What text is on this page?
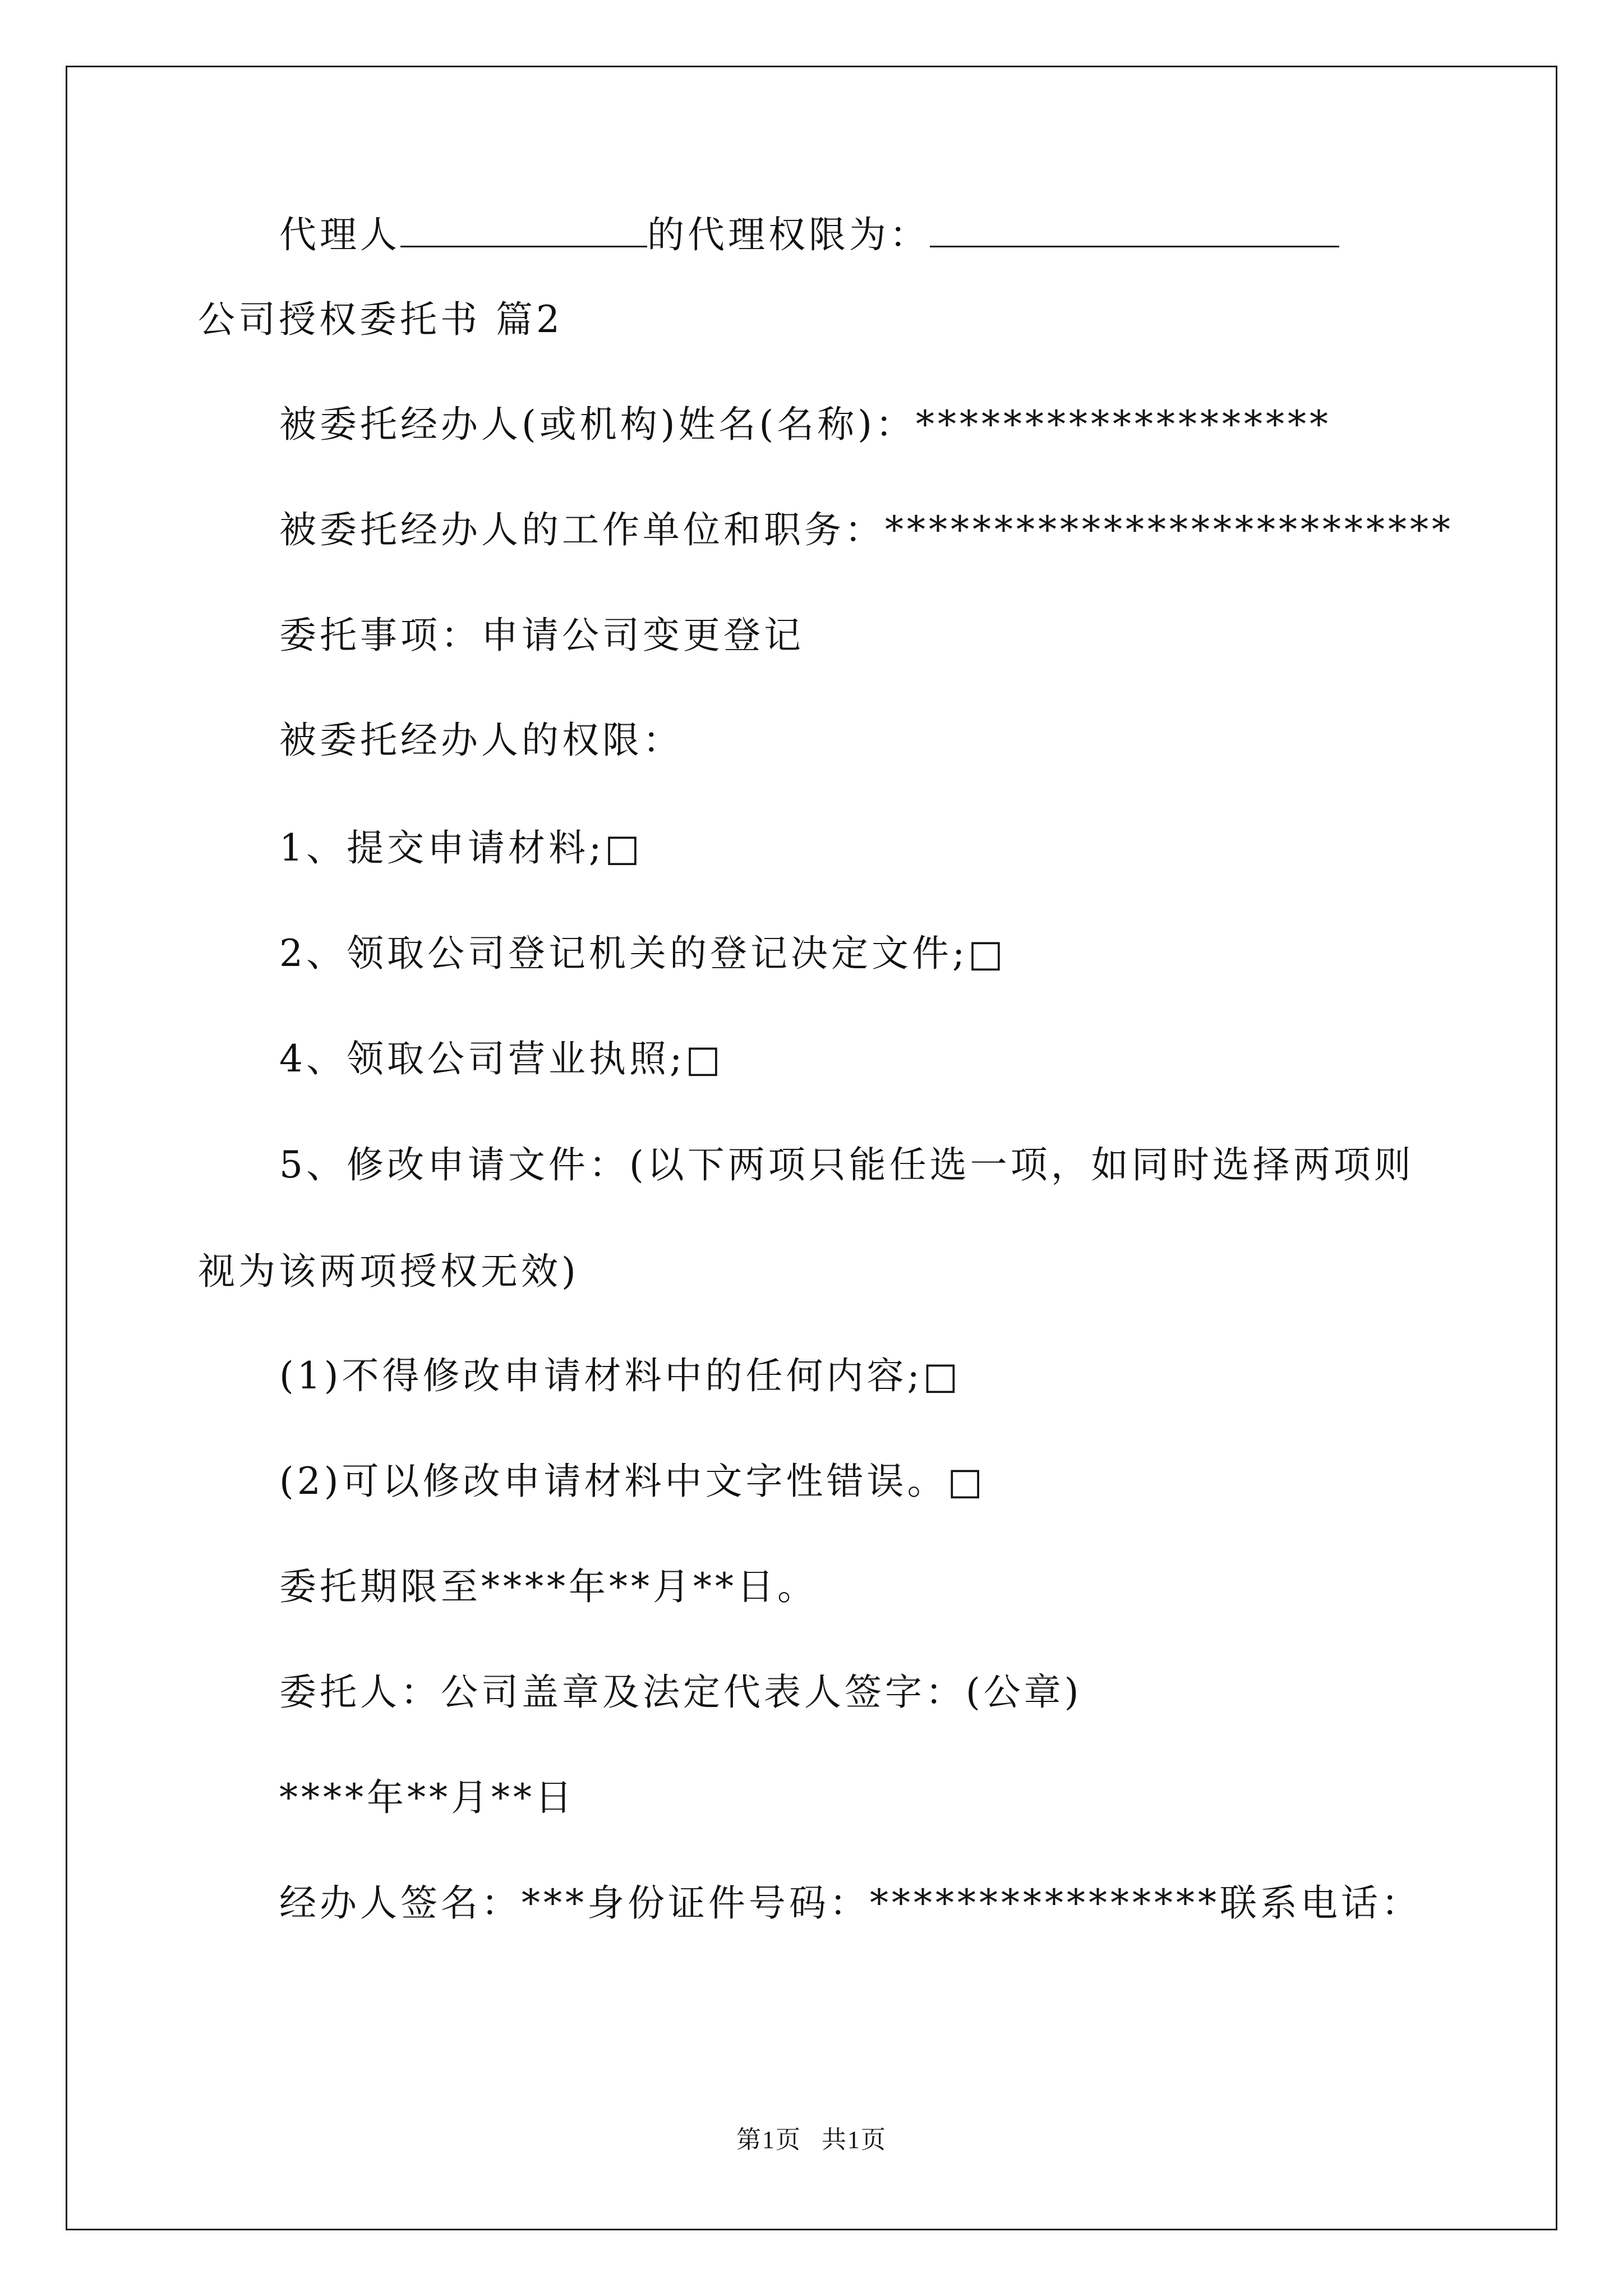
代理人	的代理权限为：
公司授权委托书 篇2
被委托经办人(或机构)姓名(名称)：*******************
被委托经办人的工作单位和职务：**************************
委托事项：申请公司变更登记
被委托经办人的权限：
1、提交申请材料;□
2、领取公司登记机关的登记决定文件;□
4、领取公司营业执照;□
5、修改申请文件：(以下两项只能任选一项，如同时选择两项则
视为该两项授权无效)
(1)不得修改申请材料中的任何内容;□
(2)可以修改申请材料中文字性错误。□
委托期限至****年**月**日。
委托人：公司盖章及法定代表人签字：(公章)
****年**月**日
经办人签名：***身份证件号码：****************联系电话：
第1页 共1页
